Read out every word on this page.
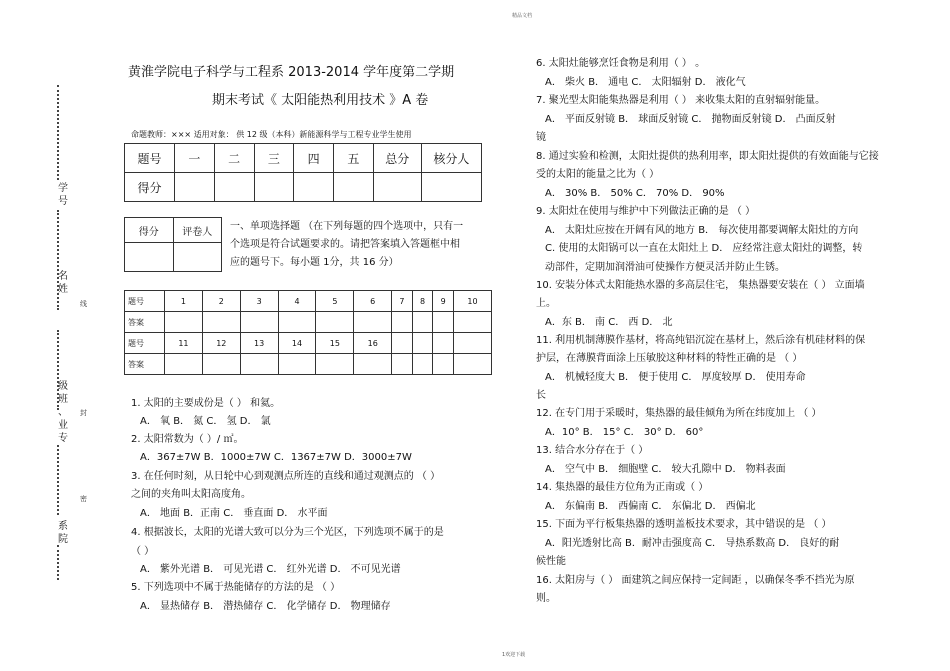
精品文档
1欢迎下载
学
号
名
姓
级
班
、
业
专
系
院
线
封
密
黄淮学院电子科学与工程系 2013-2014 学年度第二学期
期末考试《 太阳能热利用技术 》A 卷
命题教师：××× 适用对象： 供 12 级（本科）新能源科学与工程专业学生使用
题号	一	二	三	四	五	总分	核分人
得分							
得分	评卷人
	一、单项选择题 （在下列每题的四个选项中，只有一
个选项是符合试题要求的。请把答案填入答题框中相
应的题号下。每小题 1分，共 16 分）
题号	1	2	3	4	5	6	7	8	9	10
答案										
题号	11	12	13	14	15	16				
答案										
1. 太阳的主要成份是（ ） 和氦。
A． 氧 B． 氮 C． 氢 D． 氯
2. 太阳常数为（ ）/ ㎡。
A．367±7W B．1000±7W C．1367±7W D．3000±7W
3. 在任何时刻，从日轮中心到观测点所连的直线和通过观测点的 （ ）
之间的夹角叫太阳高度角。
A． 地面 B．正南 C． 垂直面 D． 水平面
4. 根据波长，太阳的光谱大致可以分为三个光区，下列选项不属于的是
（ ）
A． 紫外光谱 B． 可见光谱 C． 红外光谱 D． 不可见光谱
5. 下列选项中不属于热能储存的方法的是 （ ）
A． 显热储存 B． 潜热储存 C． 化学储存 D． 物理储存
6. 太阳灶能够烹饪食物是利用（ ） 。
A． 柴火 B． 通电 C． 太阳辐射 D． 液化气
7. 聚光型太阳能集热器是利用（ ） 来收集太阳的直射辐射能量。
A． 平面反射镜 B． 球面反射镜 C． 抛物面反射镜 D． 凸面反射
镜
8. 通过实验和检测，太阳灶提供的热利用率，即太阳灶提供的有效面能与它接
受的太阳的能量之比为（ ）
A． 30% B． 50% C． 70% D． 90%
9. 太阳灶在使用与维护中下列做法正确的是 （ ）
A． 太阳灶应按在开阔有风的地方 B． 每次使用都要调解太阳灶的方向
C. 使用的太阳锅可以一直在太阳灶上 D． 应经常注意太阳灶的调整，转
动部件，定期加润滑油可使操作方便灵活并防止生锈。
10. 安装分体式太阳能热水器的多高层住宅， 集热器要安装在（ ） 立面墙
上。
A．东 B． 南 C． 西 D． 北
11. 利用机制薄膜作基材，将高纯铝沉淀在基材上，然后涂有机硅材料的保
护层，在薄膜背面涂上压敏胶这种材料的特性正确的是 （ ）
A． 机械轻度大 B． 便于使用 C． 厚度较厚 D． 使用寿命
长
12. 在专门用于采暖时，集热器的最佳倾角为所在纬度加上 （ ）
A．10° B． 15° C． 30° D． 60°
13. 结合水分存在于（ ）
A． 空气中 B． 细胞壁 C． 较大孔隙中 D． 物料表面
14. 集热器的最佳方位角为正南或（ ）
A． 东偏南 B． 西偏南 C． 东偏北 D． 西偏北
15. 下面为平行板集热器的透明盖板技术要求，其中错误的是 （ ）
A．阳光透射比高 B．耐冲击强度高 C． 导热系数高 D． 良好的耐
候性能
16. 太阳房与（ ） 面建筑之间应保持一定间距 ，以确保冬季不挡光为原
则。
